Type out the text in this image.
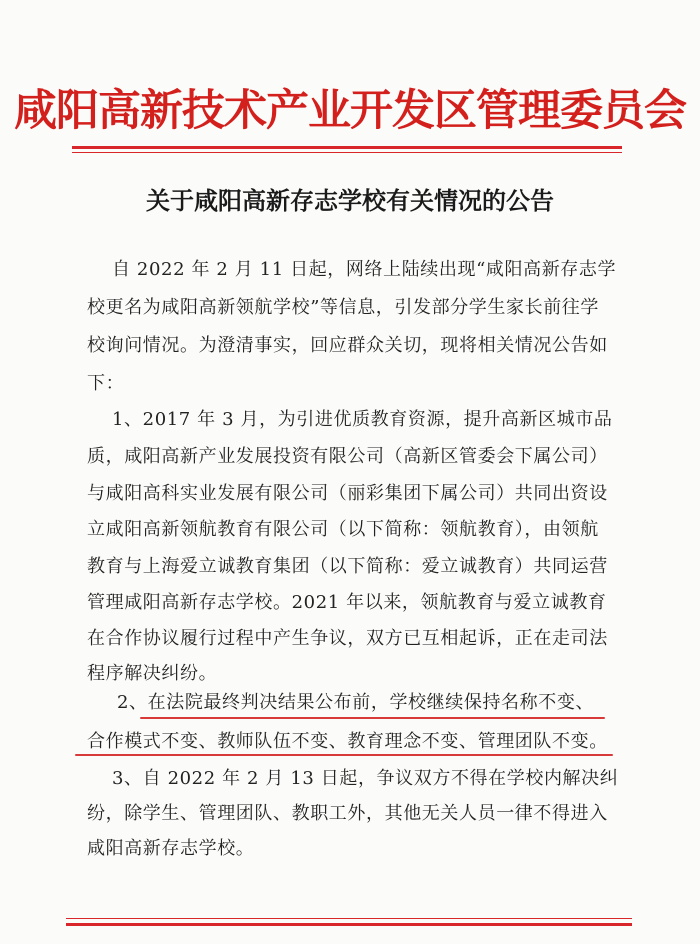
咸阳高新技术产业开发区管理委员会
关于咸阳高新存志学校有关情况的公告
自 2022 年 2 月 11 日起，网络上陆续出现“咸阳高新存志学
校更名为咸阳高新领航学校”等信息，引发部分学生家长前往学
校询问情况。为澄清事实，回应群众关切，现将相关情况公告如
下：
1、2017 年 3 月，为引进优质教育资源，提升高新区城市品
质，咸阳高新产业发展投资有限公司（高新区管委会下属公司）
与咸阳高科实业发展有限公司（丽彩集团下属公司）共同出资设
立咸阳高新领航教育有限公司（以下简称：领航教育），由领航
教育与上海爱立诚教育集团（以下简称：爱立诚教育）共同运营
管理咸阳高新存志学校。2021 年以来，领航教育与爱立诚教育
在合作协议履行过程中产生争议，双方已互相起诉，正在走司法
程序解决纠纷。
2、在法院最终判决结果公布前，学校继续保持名称不变、
合作模式不变、教师队伍不变、教育理念不变、管理团队不变。
3、自 2022 年 2 月 13 日起，争议双方不得在学校内解决纠
纷，除学生、管理团队、教职工外，其他无关人员一律不得进入
咸阳高新存志学校。
